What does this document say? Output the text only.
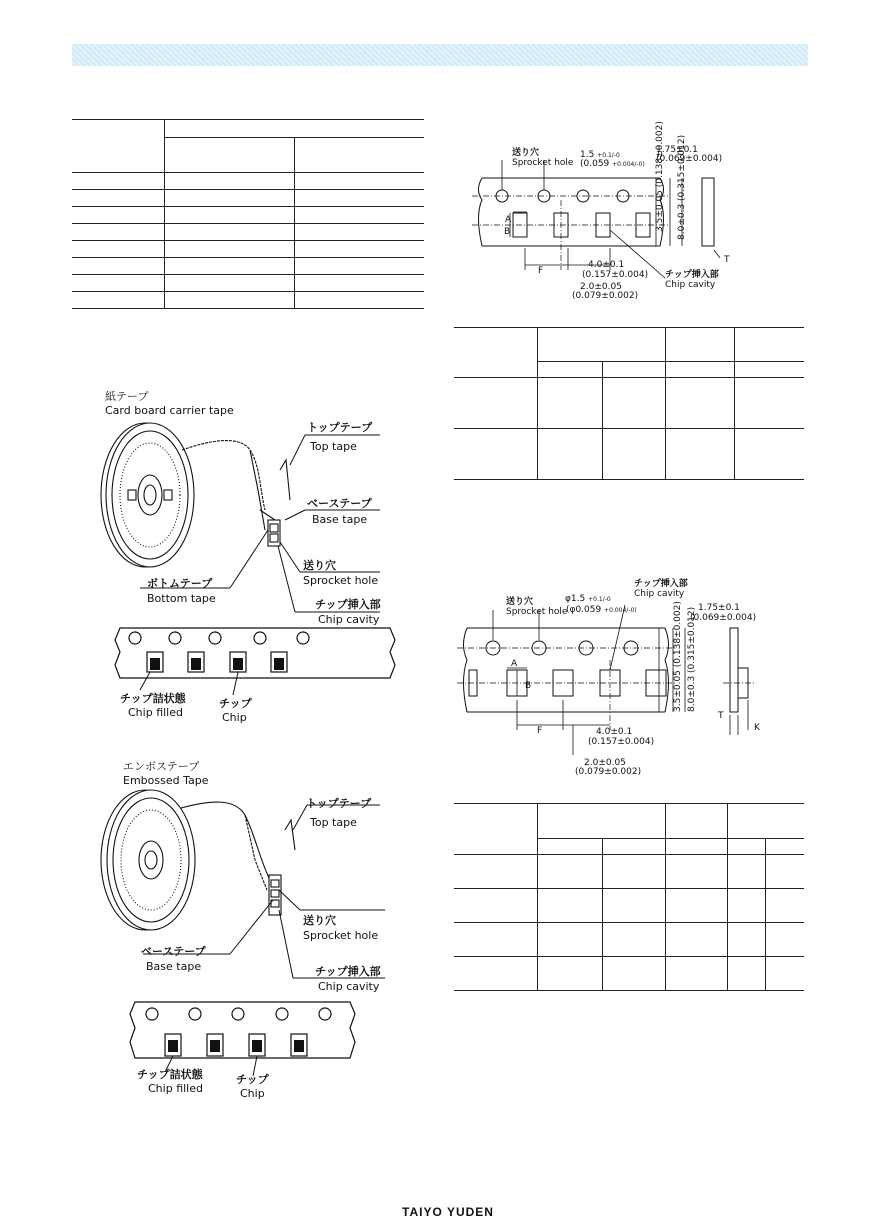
紙テープ
Card board carrier tape
トップテープ
Top tape
ベーステープ
Base tape
送り穴
Sprocket hole
ボトムテープ
Bottom tape	チップ挿入部
Chip cavity
チップ詰状態
Chip filled
チップ
Chip
エンボステープ
Embossed Tape
トップテープ
Top tape
送り穴
Sprocket hole
ベーステープ
Base tape	チップ挿入部
Chip cavity
チップ詰状態
Chip filled
チップ
Chip
A
B
F
T
送り穴
Sprocket hole
1.5 +0.1/-0
(0.059 +0.004/-0)
1.75±0.1
(0.069±0.004)
4.0±0.1
(0.157±0.004)
2.0±0.05
(0.079±0.002)
チップ挿入部
Chip cavity
3.5±0.05 (0.138±0.002)
8.0±0.3 (0.315±0.012)
A
B
F
T
K
送り穴
Sprocket hole
φ1.5 +0.1/-0
(φ0.059 +0.004/-0)
チップ挿入部
Chip cavity
1.75±0.1
(0.069±0.004)
4.0±0.1
(0.157±0.004)
2.0±0.05
(0.079±0.002)
3.5±0.05 (0.138±0.002)
8.0±0.3 (0.315±0.012)
TAIYO YUDEN
